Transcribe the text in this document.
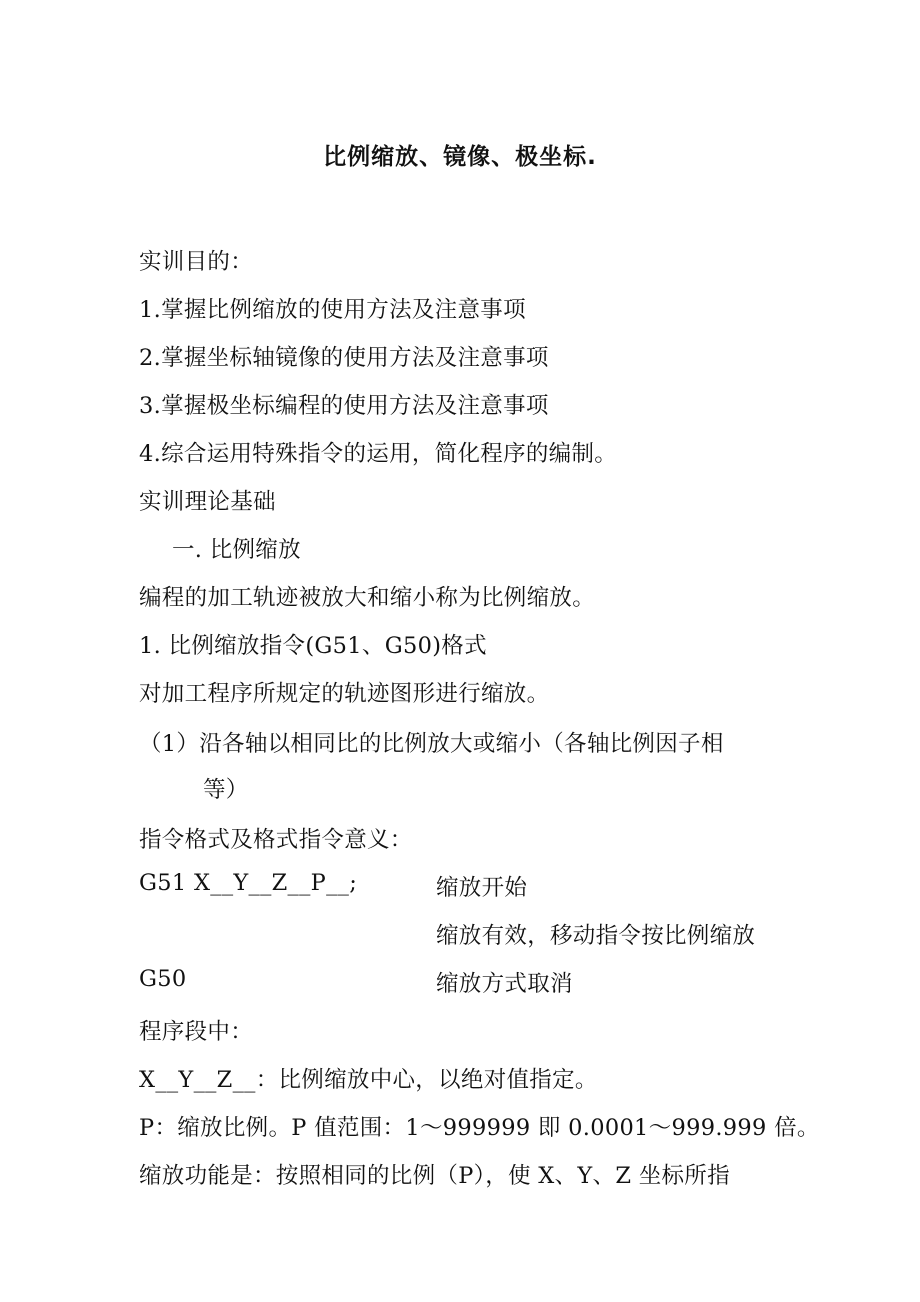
比例缩放、镜像、极坐标.
实训目的：
1.掌握比例缩放的使用方法及注意事项
2.掌握坐标轴镜像的使用方法及注意事项
3.掌握极坐标编程的使用方法及注意事项
4.综合运用特殊指令的运用，简化程序的编制。
实训理论基础
一. 比例缩放
编程的加工轨迹被放大和缩小称为比例缩放。
1. 比例缩放指令(G51、G50)格式
对加工程序所规定的轨迹图形进行缩放。
（1）沿各轴以相同比的比例放大或缩小（各轴比例因子相
等）
指令格式及格式指令意义：
G51 X__Y__Z__P__;	缩放开始
缩放有效，移动指令按比例缩放
G50	缩放方式取消
程序段中：
X__Y__Z__：比例缩放中心，以绝对值指定。
P：缩放比例。P 值范围：1～999999 即 0.0001～999.999 倍。
缩放功能是：按照相同的比例（P），使 X、Y、Z 坐标所指
